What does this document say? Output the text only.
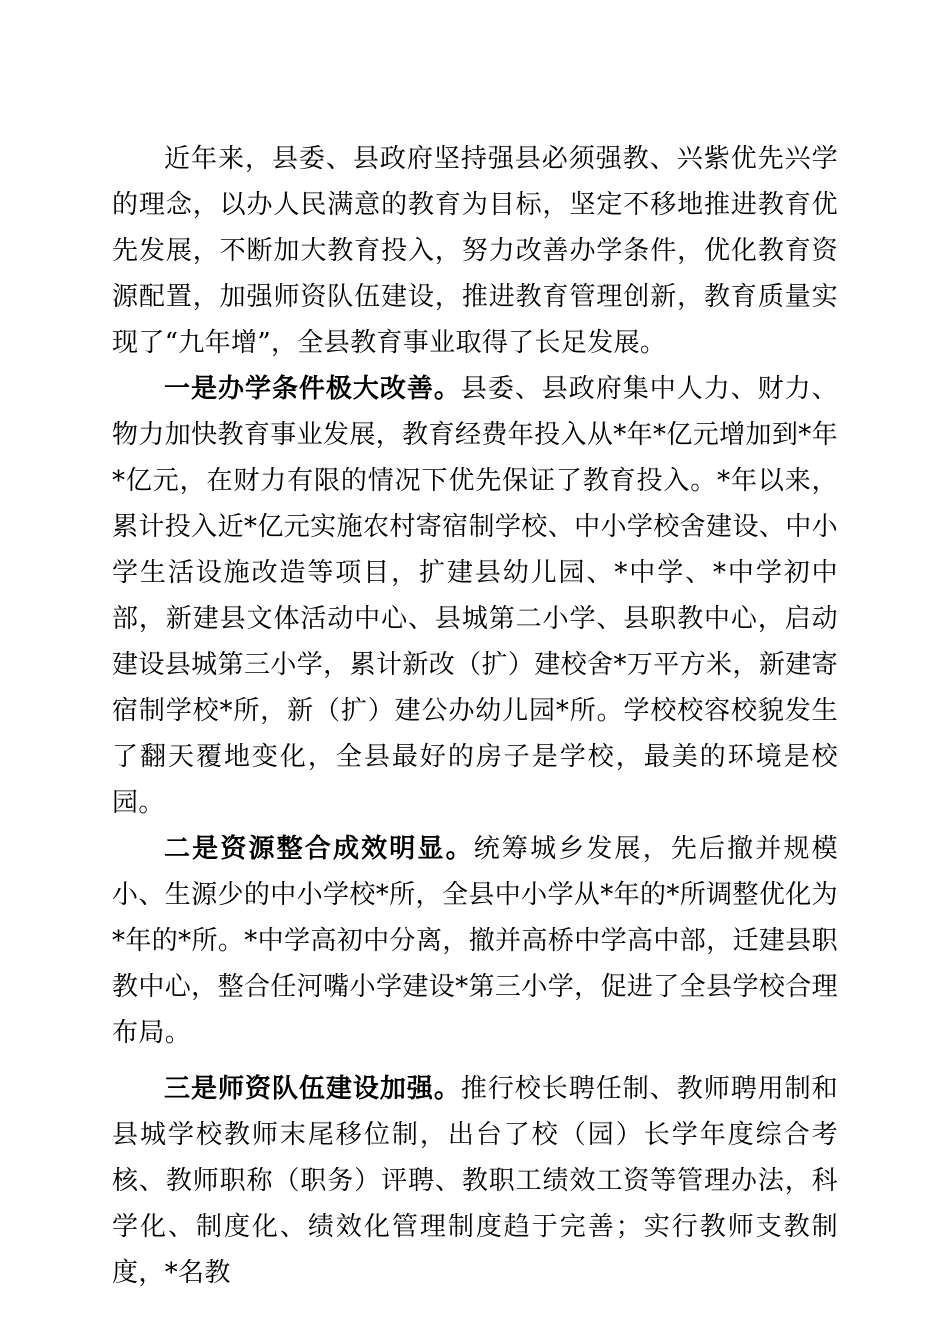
近年来，县委、县政府坚持强县必须强教、兴紫优先兴学的理念，以办人民满意的教育为目标，坚定不移地推进教育优先发展，不断加大教育投入，努力改善办学条件，优化教育资源配置，加强师资队伍建设，推进教育管理创新，教育质量实现了“九年增”，全县教育事业取得了长足发展。

一是办学条件极大改善。县委、县政府集中人力、财力、物力加快教育事业发展，教育经费年投入从*年*亿元增加到*年*亿元，在财力有限的情况下优先保证了教育投入。*年以来，累计投入近*亿元实施农村寄宿制学校、中小学校舍建设、中小学生活设施改造等项目，扩建县幼儿园、*中学、*中学初中部，新建县文体活动中心、县城第二小学、县职教中心，启动建设县城第三小学，累计新改（扩）建校舍*万平方米，新建寄宿制学校*所，新（扩）建公办幼儿园*所。学校校容校貌发生了翻天覆地变化，全县最好的房子是学校，最美的环境是校园。

二是资源整合成效明显。统筹城乡发展，先后撤并规模小、生源少的中小学校*所，全县中小学从*年的*所调整优化为*年的*所。*中学高初中分离，撤并高桥中学高中部，迁建县职教中心，整合任河嘴小学建设*第三小学，促进了全县学校合理布局。

三是师资队伍建设加强。推行校长聘任制、教师聘用制和县城学校教师末尾移位制，出台了校（园）长学年度综合考核、教师职称（职务）评聘、教职工绩效工资等管理办法，科学化、制度化、绩效化管理制度趋于完善；实行教师支教制度，*名教
